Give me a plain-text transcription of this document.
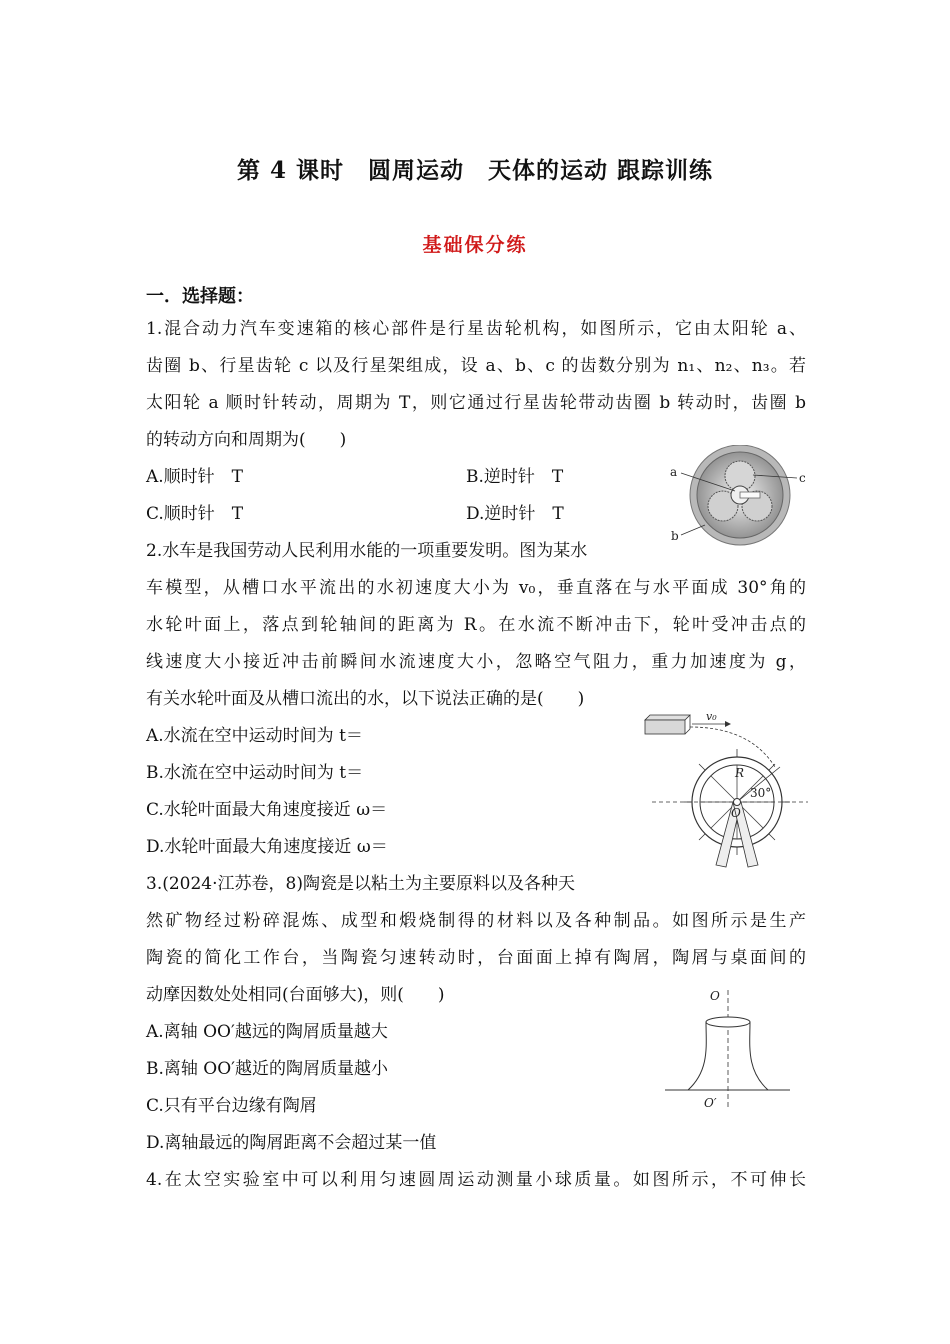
第 4 课时　圆周运动　天体的运动 跟踪训练
基础保分练
一．选择题：
1.混合动力汽车变速箱的核心部件是行星齿轮机构，如图所示，它由太阳轮 a、
齿圈 b、行星齿轮 c 以及行星架组成，设 a、b、c 的齿数分别为 n₁、n₂、n₃。若
太阳轮 a 顺时针转动，周期为 T，则它通过行星齿轮带动齿圈 b 转动时，齿圈 b
的转动方向和周期为(　　)
A.顺时针　T	B.逆时针　T
C.顺时针　T	D.逆时针　T
a	c
b
2.水车是我国劳动人民利用水能的一项重要发明。图为某水
车模型，从槽口水平流出的水初速度大小为 v₀，垂直落在与水平面成 30°角的
水轮叶面上，落点到轮轴间的距离为 R。在水流不断冲击下，轮叶受冲击点的
线速度大小接近冲击前瞬间水流速度大小，忽略空气阻力，重力加速度为 g，
有关水轮叶面及从槽口流出的水，以下说法正确的是(　　)
A.水流在空中运动时间为 t＝
B.水流在空中运动时间为 t＝
C.水轮叶面最大角速度接近 ω＝
D.水轮叶面最大角速度接近 ω＝
v₀
R
O
30°
3.(2024·江苏卷，8)陶瓷是以粘土为主要原料以及各种天
然矿物经过粉碎混炼、成型和煅烧制得的材料以及各种制品。如图所示是生产
陶瓷的简化工作台，当陶瓷匀速转动时，台面面上掉有陶屑，陶屑与桌面间的
动摩因数处处相同(台面够大)，则(　　)
A.离轴 OO′越远的陶屑质量越大
B.离轴 OO′越近的陶屑质量越小
C.只有平台边缘有陶屑
D.离轴最远的陶屑距离不会超过某一值
O
O′
4.在太空实验室中可以利用匀速圆周运动测量小球质量。如图所示，不可伸长
